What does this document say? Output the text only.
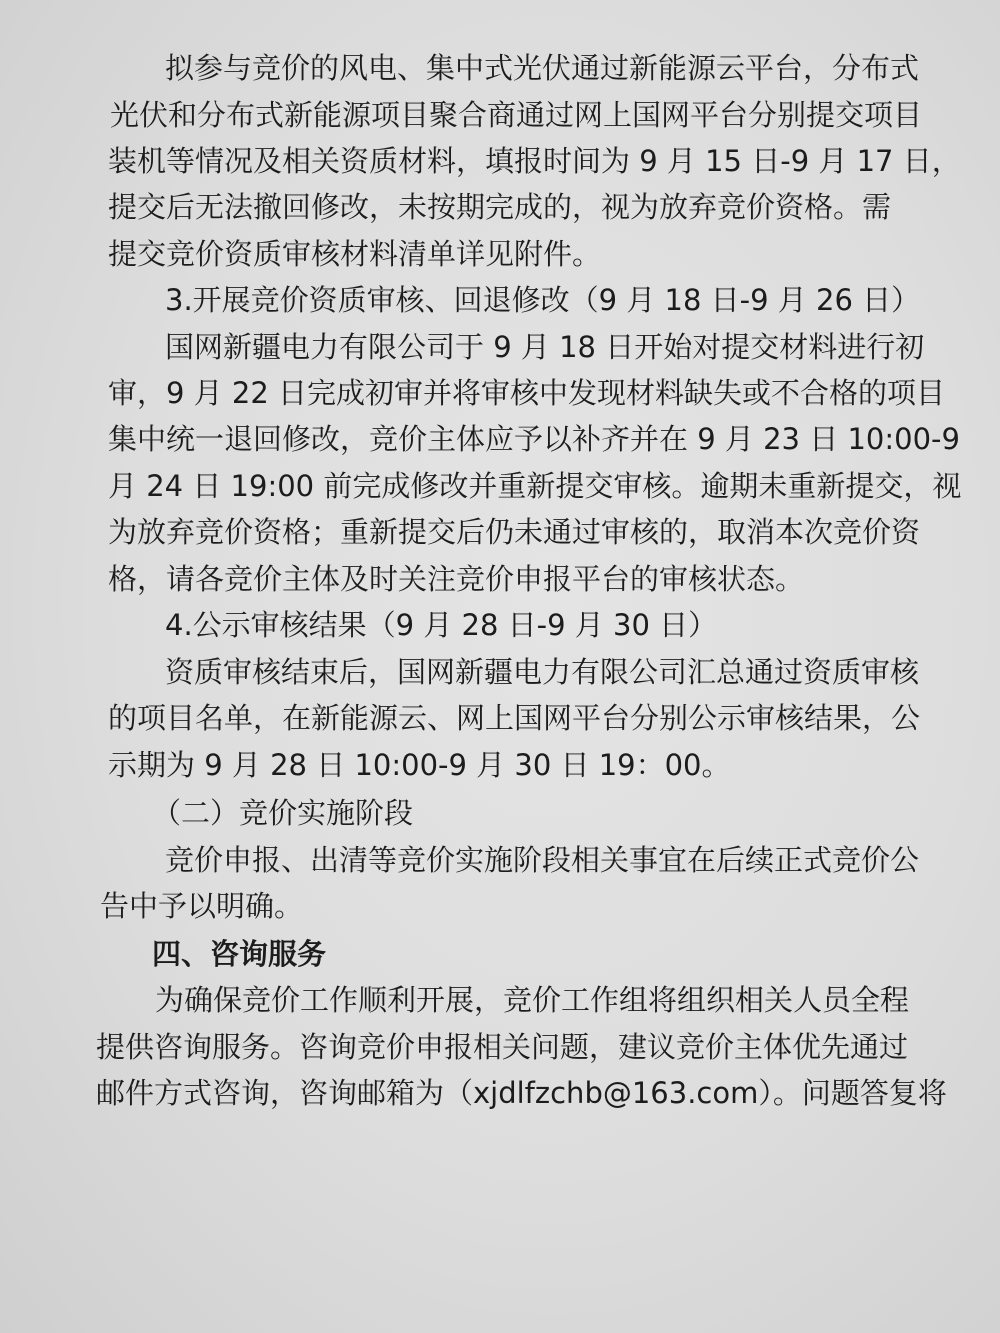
拟参与竞价的风电、集中式光伏通过新能源云平台，分布式
光伏和分布式新能源项目聚合商通过网上国网平台分别提交项目
装机等情况及相关资质材料，填报时间为 9 月 15 日-9 月 17 日，
提交后无法撤回修改，未按期完成的，视为放弃竞价资格。需
提交竞价资质审核材料清单详见附件。
3.开展竞价资质审核、回退修改（9 月 18 日-9 月 26 日）
国网新疆电力有限公司于 9 月 18 日开始对提交材料进行初
审，9 月 22 日完成初审并将审核中发现材料缺失或不合格的项目
集中统一退回修改，竞价主体应予以补齐并在 9 月 23 日 10:00-9
月 24 日 19:00 前完成修改并重新提交审核。逾期未重新提交，视
为放弃竞价资格；重新提交后仍未通过审核的，取消本次竞价资
格，请各竞价主体及时关注竞价申报平台的审核状态。
4.公示审核结果（9 月 28 日-9 月 30 日）
资质审核结束后，国网新疆电力有限公司汇总通过资质审核
的项目名单，在新能源云、网上国网平台分别公示审核结果，公
示期为 9 月 28 日 10:00-9 月 30 日 19：00。
（二）竞价实施阶段
竞价申报、出清等竞价实施阶段相关事宜在后续正式竞价公
告中予以明确。
四、咨询服务
为确保竞价工作顺利开展，竞价工作组将组织相关人员全程
提供咨询服务。咨询竞价申报相关问题，建议竞价主体优先通过
邮件方式咨询，咨询邮箱为（xjdlfzchb@163.com）。问题答复将
